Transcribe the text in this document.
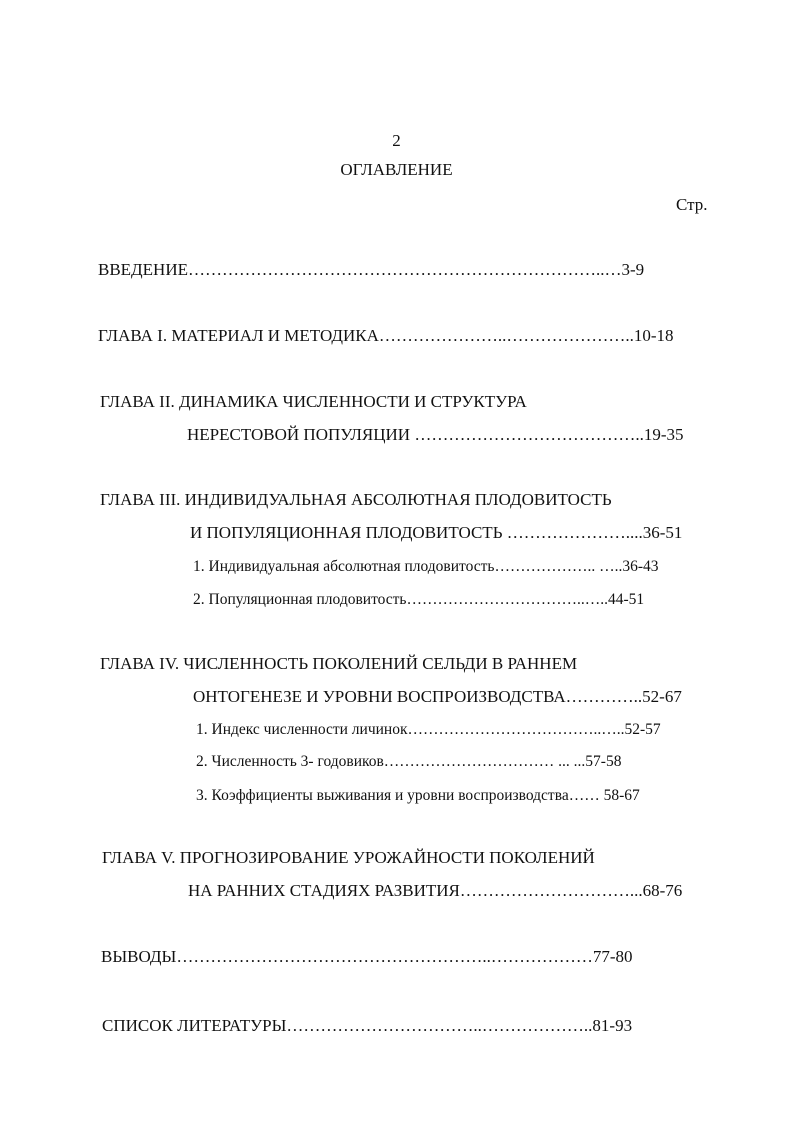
2
ОГЛАВЛЕНИЕ
Стр.
ВВЕДЕНИЕ………………………………………………………………..…3-9
ГЛАВА I. МАТЕРИАЛ И МЕТОДИКА…………………..…………………..10-18
ГЛАВА II. ДИНАМИКА ЧИСЛЕННОСТИ И СТРУКТУРА
НЕРЕСТОВОЙ ПОПУЛЯЦИИ …………………………………..19-35
ГЛАВА III. ИНДИВИДУАЛЬНАЯ АБСОЛЮТНАЯ ПЛОДОВИТОСТЬ
И ПОПУЛЯЦИОННАЯ ПЛОДОВИТОСТЬ …………………....36-51
1. Индивидуальная абсолютная плодовитость……………….. …..36-43
2. Популяционная плодовитость……………………………..…..44-51
ГЛАВА IV. ЧИСЛЕННОСТЬ ПОКОЛЕНИЙ СЕЛЬДИ В РАННЕМ
ОНТОГЕНЕЗЕ И УРОВНИ ВОСПРОИЗВОДСТВА…………..52-67
1. Индекс численности личинок………………………………..…..52-57
2. Численность 3- годовиков…………………………… ... ...57-58
3. Коэффициенты выживания и уровни воспроизводства…… 58-67
ГЛАВА V. ПРОГНОЗИРОВАНИЕ УРОЖАЙНОСТИ ПОКОЛЕНИЙ
НА РАННИХ СТАДИЯХ РАЗВИТИЯ…………………………...68-76
ВЫВОДЫ………………………………………………..………………77-80
СПИСОК ЛИТЕРАТУРЫ……………………………..………………..81-93
